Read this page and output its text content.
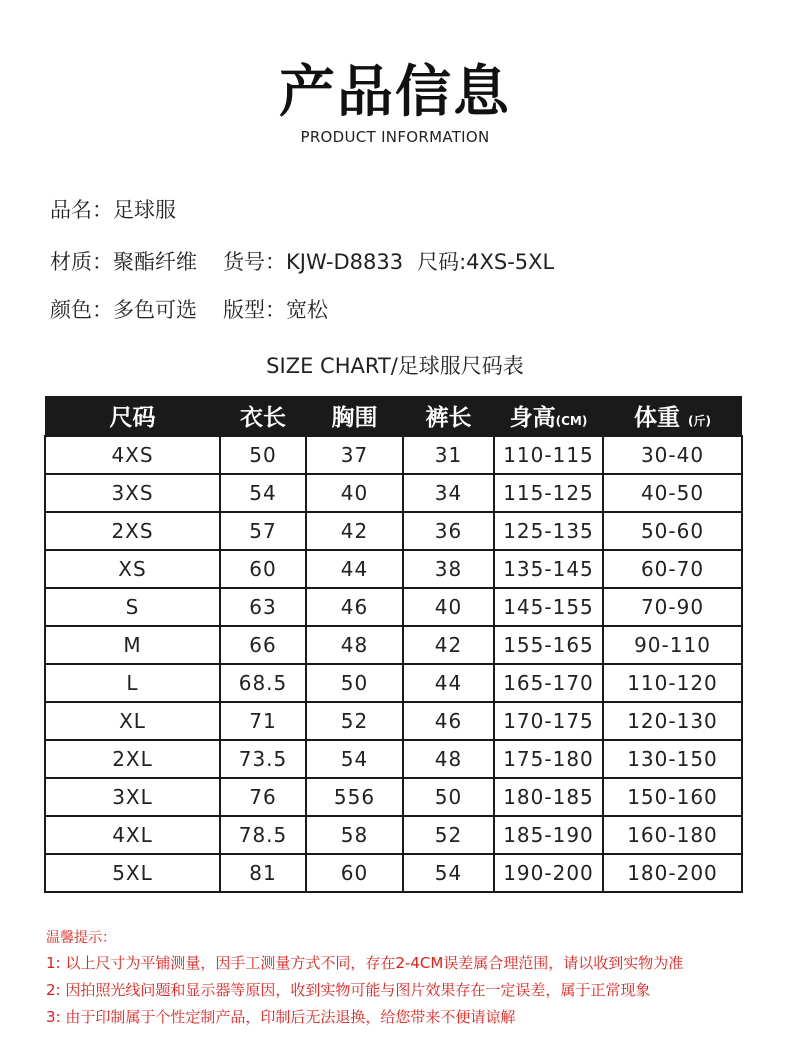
产品信息
PRODUCT INFORMATION
品名：足球服
材质：聚酯纤维 货号：KJW-D8833 尺码:4XS-5XL
颜色：多色可选 版型：宽松
SIZE CHART/足球服尺码表
尺码	衣长	胸围	裤长	身高(CM)	体重 (斤)
4XS	50	37	31	110-115	30-40
3XS	54	40	34	115-125	40-50
2XS	57	42	36	125-135	50-60
XS	60	44	38	135-145	60-70
S	63	46	40	145-155	70-90
M	66	48	42	155-165	90-110
L	68.5	50	44	165-170	110-120
XL	71	52	46	170-175	120-130
2XL	73.5	54	48	175-180	130-150
3XL	76	556	50	180-185	150-160
4XL	78.5	58	52	185-190	160-180
5XL	81	60	54	190-200	180-200
温馨提示：
1: 以上尺寸为平铺测量，因手工测量方式不同，存在2-4CM误差属合理范围，请以收到实物为准
2: 因拍照光线问题和显示器等原因，收到实物可能与图片效果存在一定误差，属于正常现象
3: 由于印制属于个性定制产品，印制后无法退换，给您带来不便请谅解
